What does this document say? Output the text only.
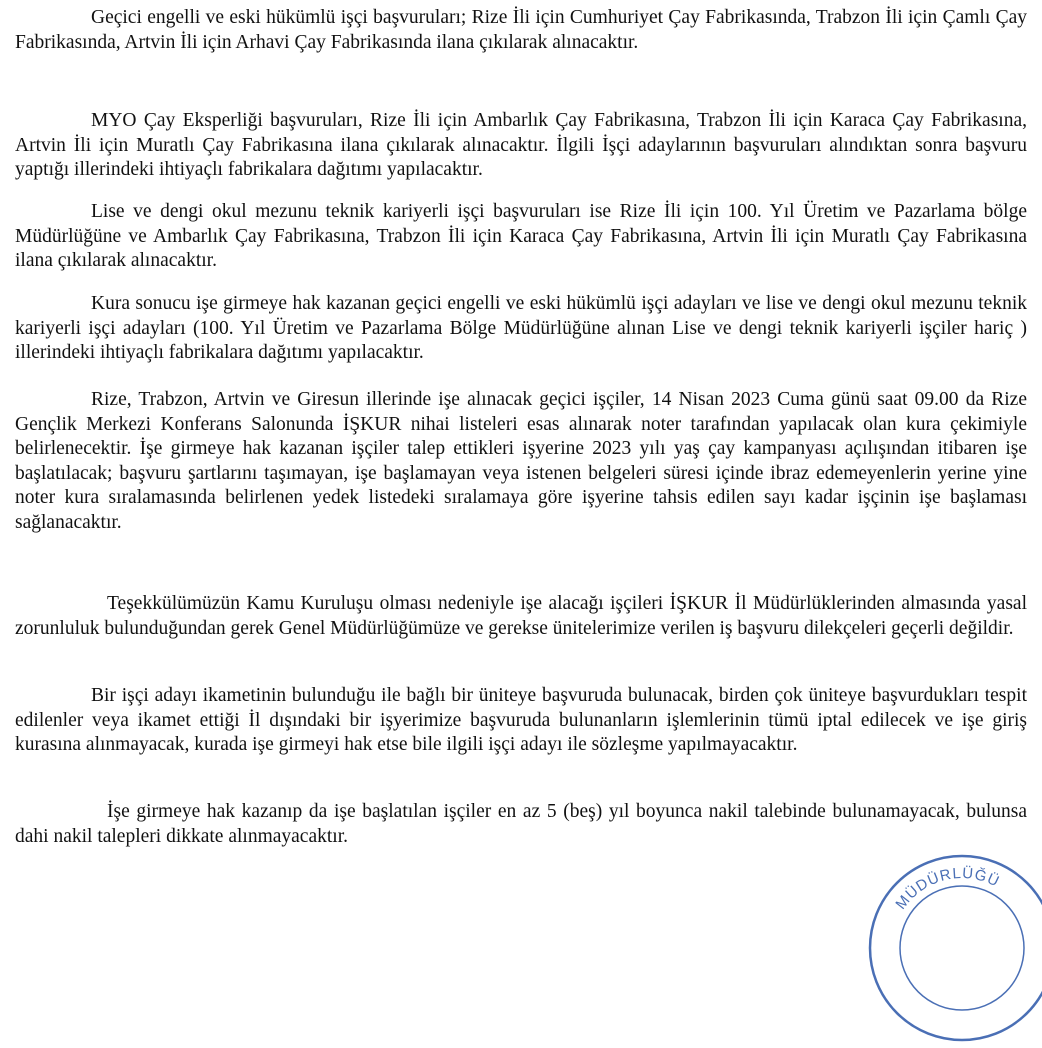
Geçici engelli ve eski hükümlü işçi başvuruları; Rize İli için Cumhuriyet Çay Fabrikasında, Trabzon İli için Çamlı Çay Fabrikasında, Artvin İli için Arhavi Çay Fabrikasında ilana çıkılarak alınacaktır.

MYO Çay Eksperliği başvuruları, Rize İli için Ambarlık Çay Fabrikasına, Trabzon İli için Karaca Çay Fabrikasına, Artvin İli için Muratlı Çay Fabrikasına ilana çıkılarak alınacaktır. İlgili İşçi adaylarının başvuruları alındıktan sonra başvuru yaptığı illerindeki ihtiyaçlı fabrikalara dağıtımı yapılacaktır.

Lise ve dengi okul mezunu teknik kariyerli işçi başvuruları ise Rize İli için 100. Yıl Üretim ve Pazarlama bölge Müdürlüğüne ve Ambarlık Çay Fabrikasına, Trabzon İli için Karaca Çay Fabrikasına, Artvin İli için Muratlı Çay Fabrikasına ilana çıkılarak alınacaktır.

Kura sonucu işe girmeye hak kazanan geçici engelli ve eski hükümlü işçi adayları ve lise ve dengi okul mezunu teknik kariyerli işçi adayları (100. Yıl Üretim ve Pazarlama Bölge Müdürlüğüne alınan Lise ve dengi teknik kariyerli işçiler hariç ) illerindeki ihtiyaçlı fabrikalara dağıtımı yapılacaktır.

Rize, Trabzon, Artvin ve Giresun illerinde işe alınacak geçici işçiler, 14 Nisan 2023 Cuma günü saat 09.00 da Rize Gençlik Merkezi Konferans Salonunda İŞKUR nihai listeleri esas alınarak noter tarafından yapılacak olan kura çekimiyle belirlenecektir. İşe girmeye hak kazanan işçiler talep ettikleri işyerine 2023 yılı yaş çay kampanyası açılışından itibaren işe başlatılacak; başvuru şartlarını taşımayan, işe başlamayan veya istenen belgeleri süresi içinde ibraz edemeyenlerin yerine yine noter kura sıralamasında belirlenen yedek listedeki sıralamaya göre işyerine tahsis edilen sayı kadar işçinin işe başlaması sağlanacaktır.

Teşekkülümüzün Kamu Kuruluşu olması nedeniyle işe alacağı işçileri İŞKUR İl Müdürlüklerinden almasında yasal zorunluluk bulunduğundan gerek Genel Müdürlüğümüze ve gerekse ünitelerimize verilen iş başvuru dilekçeleri geçerli değildir.

Bir işçi adayı ikametinin bulunduğu ile bağlı bir üniteye başvuruda bulunacak, birden çok üniteye başvurdukları tespit edilenler veya ikamet ettiği İl dışındaki bir işyerimize başvuruda bulunanların işlemlerinin tümü iptal edilecek ve işe giriş kurasına alınmayacak, kurada işe girmeyi hak etse bile ilgili işçi adayı ile sözleşme yapılmayacaktır.

İşe girmeye hak kazanıp da işe başlatılan işçiler en az 5 (beş) yıl boyunca nakil talebinde bulunamayacak, bulunsa dahi nakil talepleri dikkate alınmayacaktır.

MÜDÜRLÜĞÜ
